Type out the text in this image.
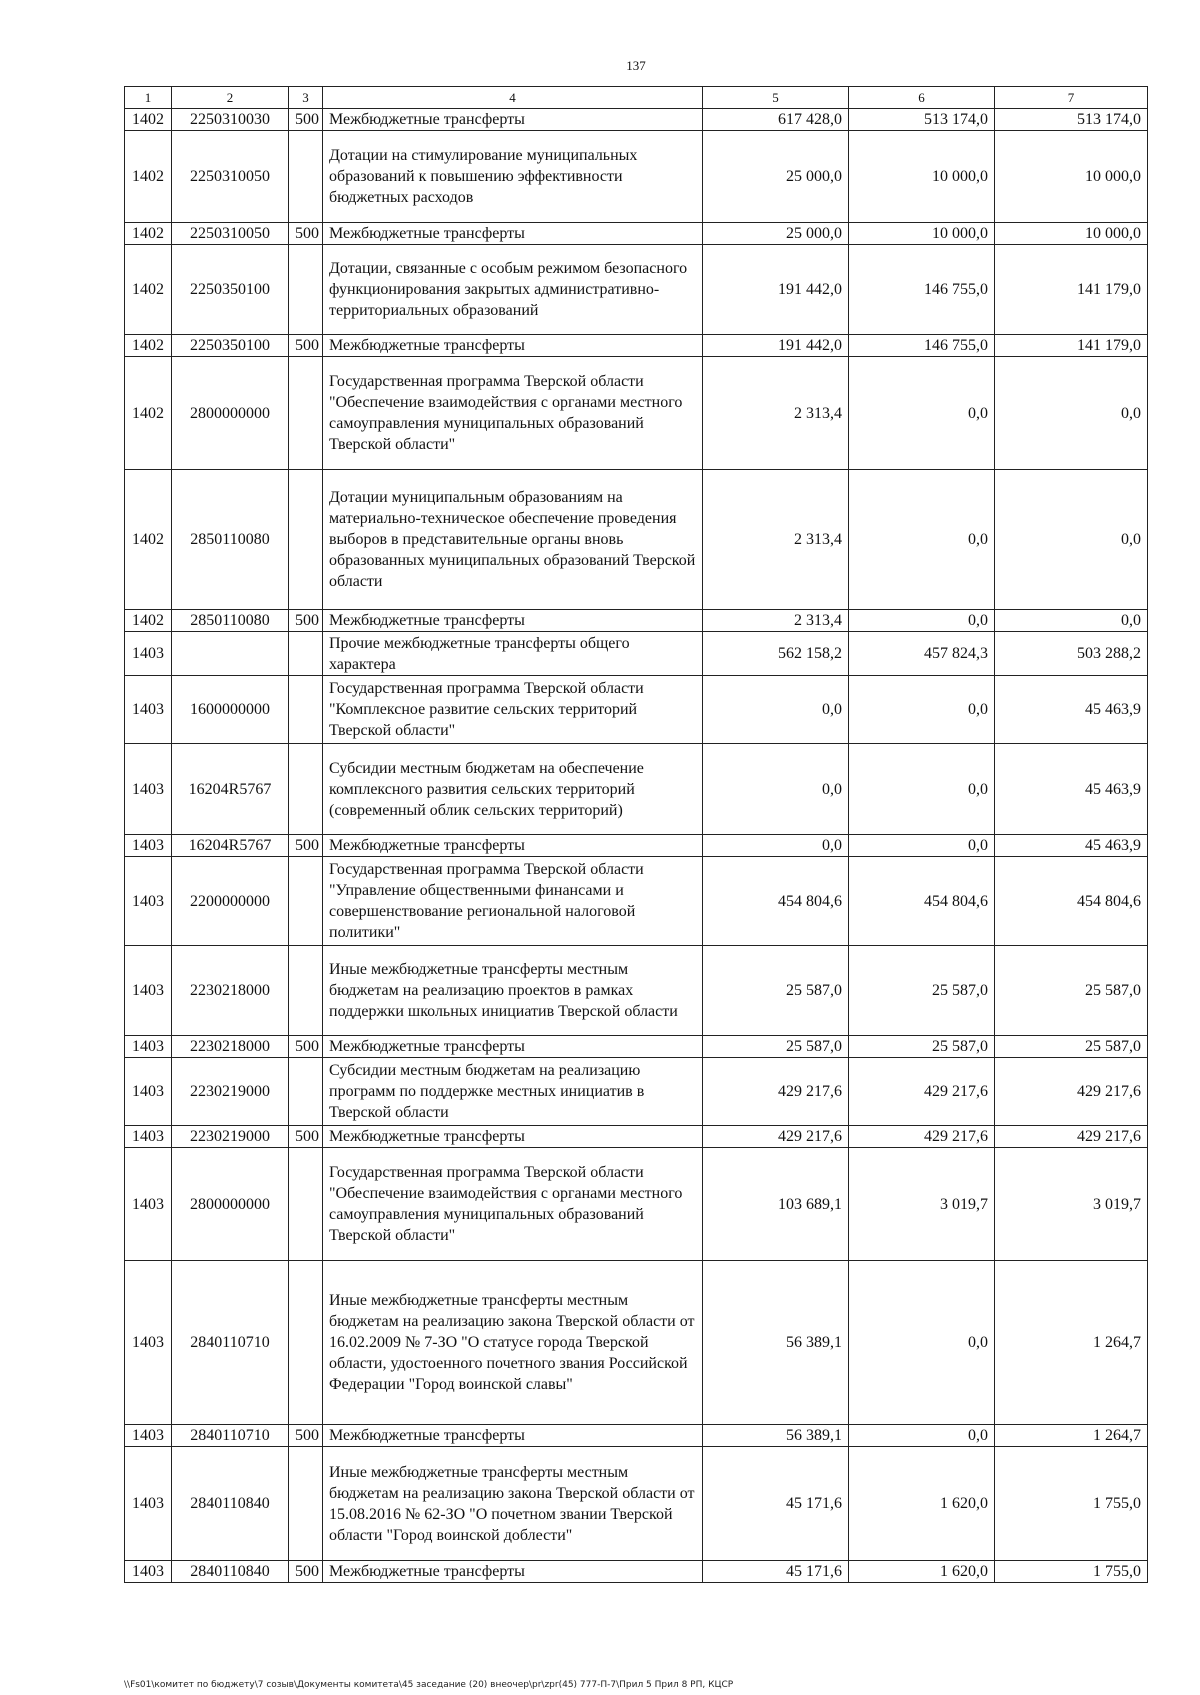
137
1	2	3	4	5	6	7
1402	2250310030	500	Межбюджетные трансферты	617 428,0	513 174,0	513 174,0
1402	2250310050		Дотации на стимулирование муниципальных образований к повышению эффективности бюджетных расходов	25 000,0	10 000,0	10 000,0
1402	2250310050	500	Межбюджетные трансферты	25 000,0	10 000,0	10 000,0
1402	2250350100		Дотации, связанные с особым режимом безопасного функционирования закрытых административно-территориальных образований	191 442,0	146 755,0	141 179,0
1402	2250350100	500	Межбюджетные трансферты	191 442,0	146 755,0	141 179,0
1402	2800000000		Государственная программа Тверской области "Обеспечение взаимодействия с органами местного самоуправления муниципальных образований Тверской области"	2 313,4	0,0	0,0
1402	2850110080		Дотации муниципальным образованиям на материально-техническое обеспечение проведения выборов в представительные органы вновь образованных муниципальных образований Тверской области	2 313,4	0,0	0,0
1402	2850110080	500	Межбюджетные трансферты	2 313,4	0,0	0,0
1403			Прочие межбюджетные трансферты общего характера	562 158,2	457 824,3	503 288,2
1403	1600000000		Государственная программа Тверской области "Комплексное развитие сельских территорий Тверской области"	0,0	0,0	45 463,9
1403	16204R5767		Субсидии местным бюджетам на обеспечение комплексного развития сельских территорий (современный облик сельских территорий)	0,0	0,0	45 463,9
1403	16204R5767	500	Межбюджетные трансферты	0,0	0,0	45 463,9
1403	2200000000		Государственная программа Тверской области "Управление общественными финансами и совершенствование региональной налоговой политики"	454 804,6	454 804,6	454 804,6
1403	2230218000		Иные межбюджетные трансферты местным бюджетам на реализацию проектов в рамках поддержки школьных инициатив Тверской области	25 587,0	25 587,0	25 587,0
1403	2230218000	500	Межбюджетные трансферты	25 587,0	25 587,0	25 587,0
1403	2230219000		Субсидии местным бюджетам на реализацию программ по поддержке местных инициатив в Тверской области	429 217,6	429 217,6	429 217,6
1403	2230219000	500	Межбюджетные трансферты	429 217,6	429 217,6	429 217,6
1403	2800000000		Государственная программа Тверской области "Обеспечение взаимодействия с органами местного самоуправления муниципальных образований Тверской области"	103 689,1	3 019,7	3 019,7
1403	2840110710		Иные межбюджетные трансферты местным бюджетам на реализацию закона Тверской области от 16.02.2009 № 7-ЗО "О статусе города Тверской области, удостоенного почетного звания Российской Федерации "Город воинской славы"	56 389,1	0,0	1 264,7
1403	2840110710	500	Межбюджетные трансферты	56 389,1	0,0	1 264,7
1403	2840110840		Иные межбюджетные трансферты местным бюджетам на реализацию закона Тверской области от 15.08.2016 № 62-ЗО "О почетном звании Тверской области "Город воинской доблести"	45 171,6	1 620,0	1 755,0
1403	2840110840	500	Межбюджетные трансферты	45 171,6	1 620,0	1 755,0
\\Fs01\комитет по бюджету\7 созыв\Документы комитета\45 заседание (20) внеочер\pr\zpr(45) 777-П-7\Прил 5 Прил 8 РП, КЦСР
